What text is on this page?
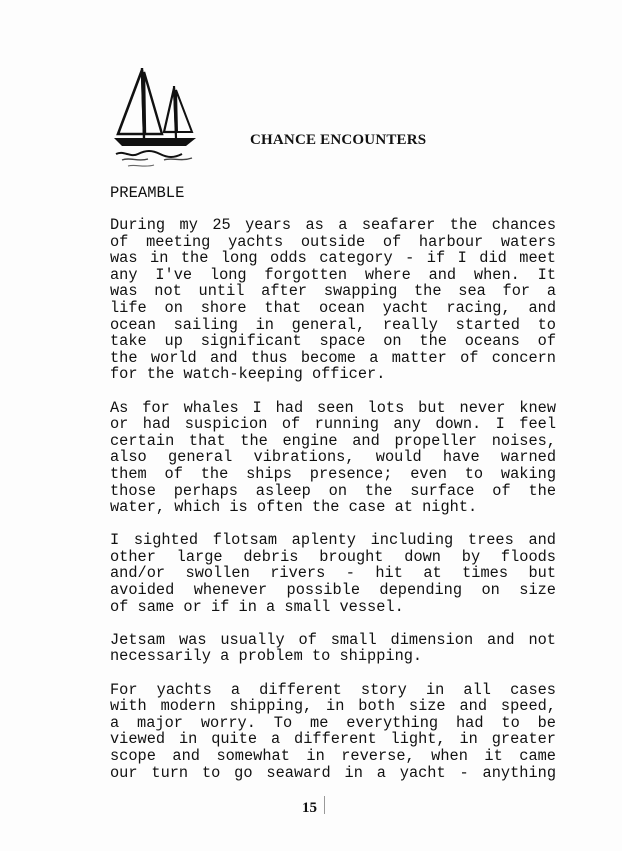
CHANCE ENCOUNTERS
PREAMBLE
During my 25 years as a seafarer the chances
of meeting yachts outside of harbour waters
was in the long odds category - if I did meet
any I've long forgotten where and when. It
was not until after swapping the sea for a
life on shore that ocean yacht racing, and
ocean sailing in general, really started to
take up significant space on the oceans of
the world and thus become a matter of concern
for the watch-keeping officer.
As for whales I had seen lots but never knew
or had suspicion of running any down. I feel
certain that the engine and propeller noises,
also general vibrations, would have warned
them of the ships presence; even to waking
those perhaps asleep on the surface of the
water, which is often the case at night.
I sighted flotsam aplenty including trees and
other large debris brought down by floods
and/or swollen rivers - hit at times but
avoided whenever possible depending on size
of same or if in a small vessel.
Jetsam was usually of small dimension and not
necessarily a problem to shipping.
For yachts a different story in all cases
with modern shipping, in both size and speed,
a major worry. To me everything had to be
viewed in quite a different light, in greater
scope and somewhat in reverse, when it came
our turn to go seaward in a yacht - anything
15
